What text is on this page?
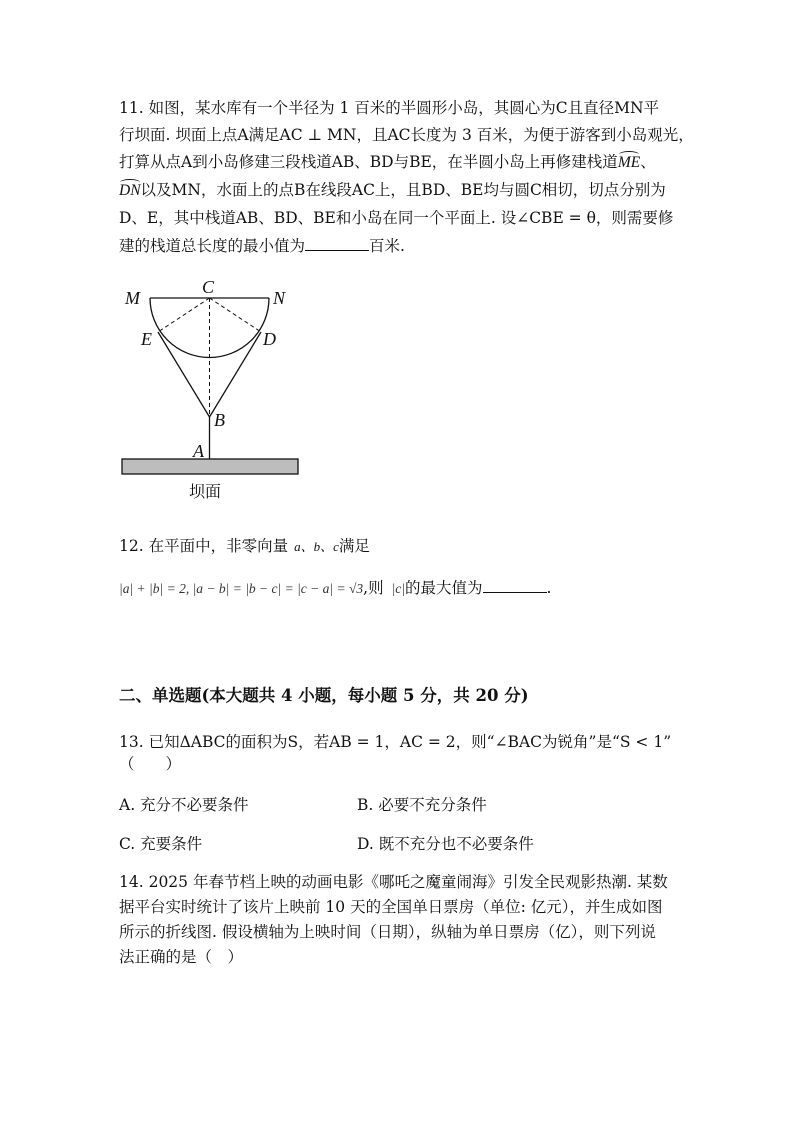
11. 如图，某水库有一个半径为 1 百米的半圆形小岛，其圆心为C且直径MN平
行坝面. 坝面上点A满足AC ⊥ MN，且AC长度为 3 百米，为便于游客到小岛观光，
打算从点A到小岛修建三段栈道AB、BD与BE，在半圆小岛上再修建栈道
ME、
DN以及MN，水面上的点B在线段AC上，且BD、BE均与圆C相切，切点分别为
D、E，其中栈道AB、BD、BE和小岛在同一个平面上. 设∠CBE = θ，则需要修
建的栈道总长度的最小值为	百米.
M
C
N
E	D
B
A
坝面
12. 在平面中，非零向量 a、b、c满足
|a| + |b| = 2, |a − b| = |b − c| = |c − a| = √3,则 |c|的最大值为	.
二、单选题(本大题共 4 小题，每小题 5 分，共 20 分)
13. 已知ΔABC的面积为S，若AB = 1，AC = 2，则“∠BAC为锐角”是“S < 1”
（　　）
A. 充分不必要条件	B. 必要不充分条件
C. 充要条件	D. 既不充分也不必要条件
14. 2025 年春节档上映的动画电影《哪吒之魔童闹海》引发全民观影热潮. 某数
据平台实时统计了该片上映前 10 天的全国单日票房（单位: 亿元），并生成如图
所示的折线图. 假设横轴为上映时间（日期），纵轴为单日票房（亿），则下列说
法正确的是（　）
